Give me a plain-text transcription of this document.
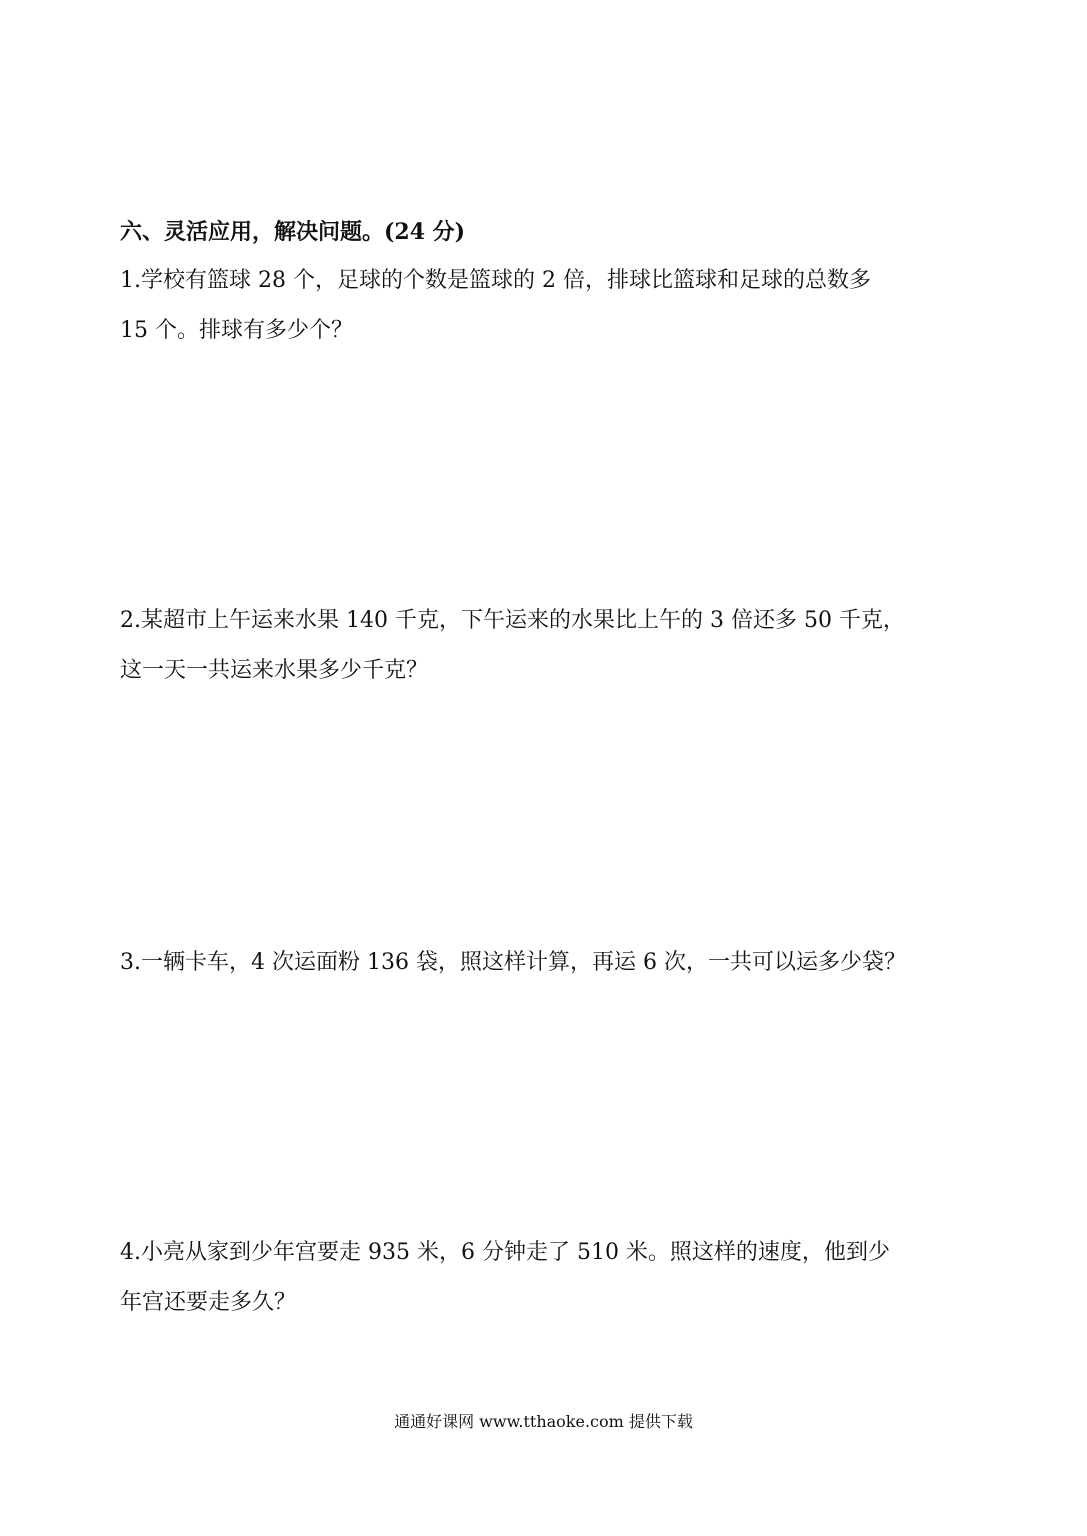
六、灵活应用，解决问题。(24 分)
1.学校有篮球 28 个，足球的个数是篮球的 2 倍，排球比篮球和足球的总数多
15 个。排球有多少个？
2.某超市上午运来水果 140 千克，下午运来的水果比上午的 3 倍还多 50 千克，
这一天一共运来水果多少千克？
3.一辆卡车，4 次运面粉 136 袋，照这样计算，再运 6 次，一共可以运多少袋？
4.小亮从家到少年宫要走 935 米，6 分钟走了 510 米。照这样的速度，他到少
年宫还要走多久？
通通好课网 www.tthaoke.com 提供下载
